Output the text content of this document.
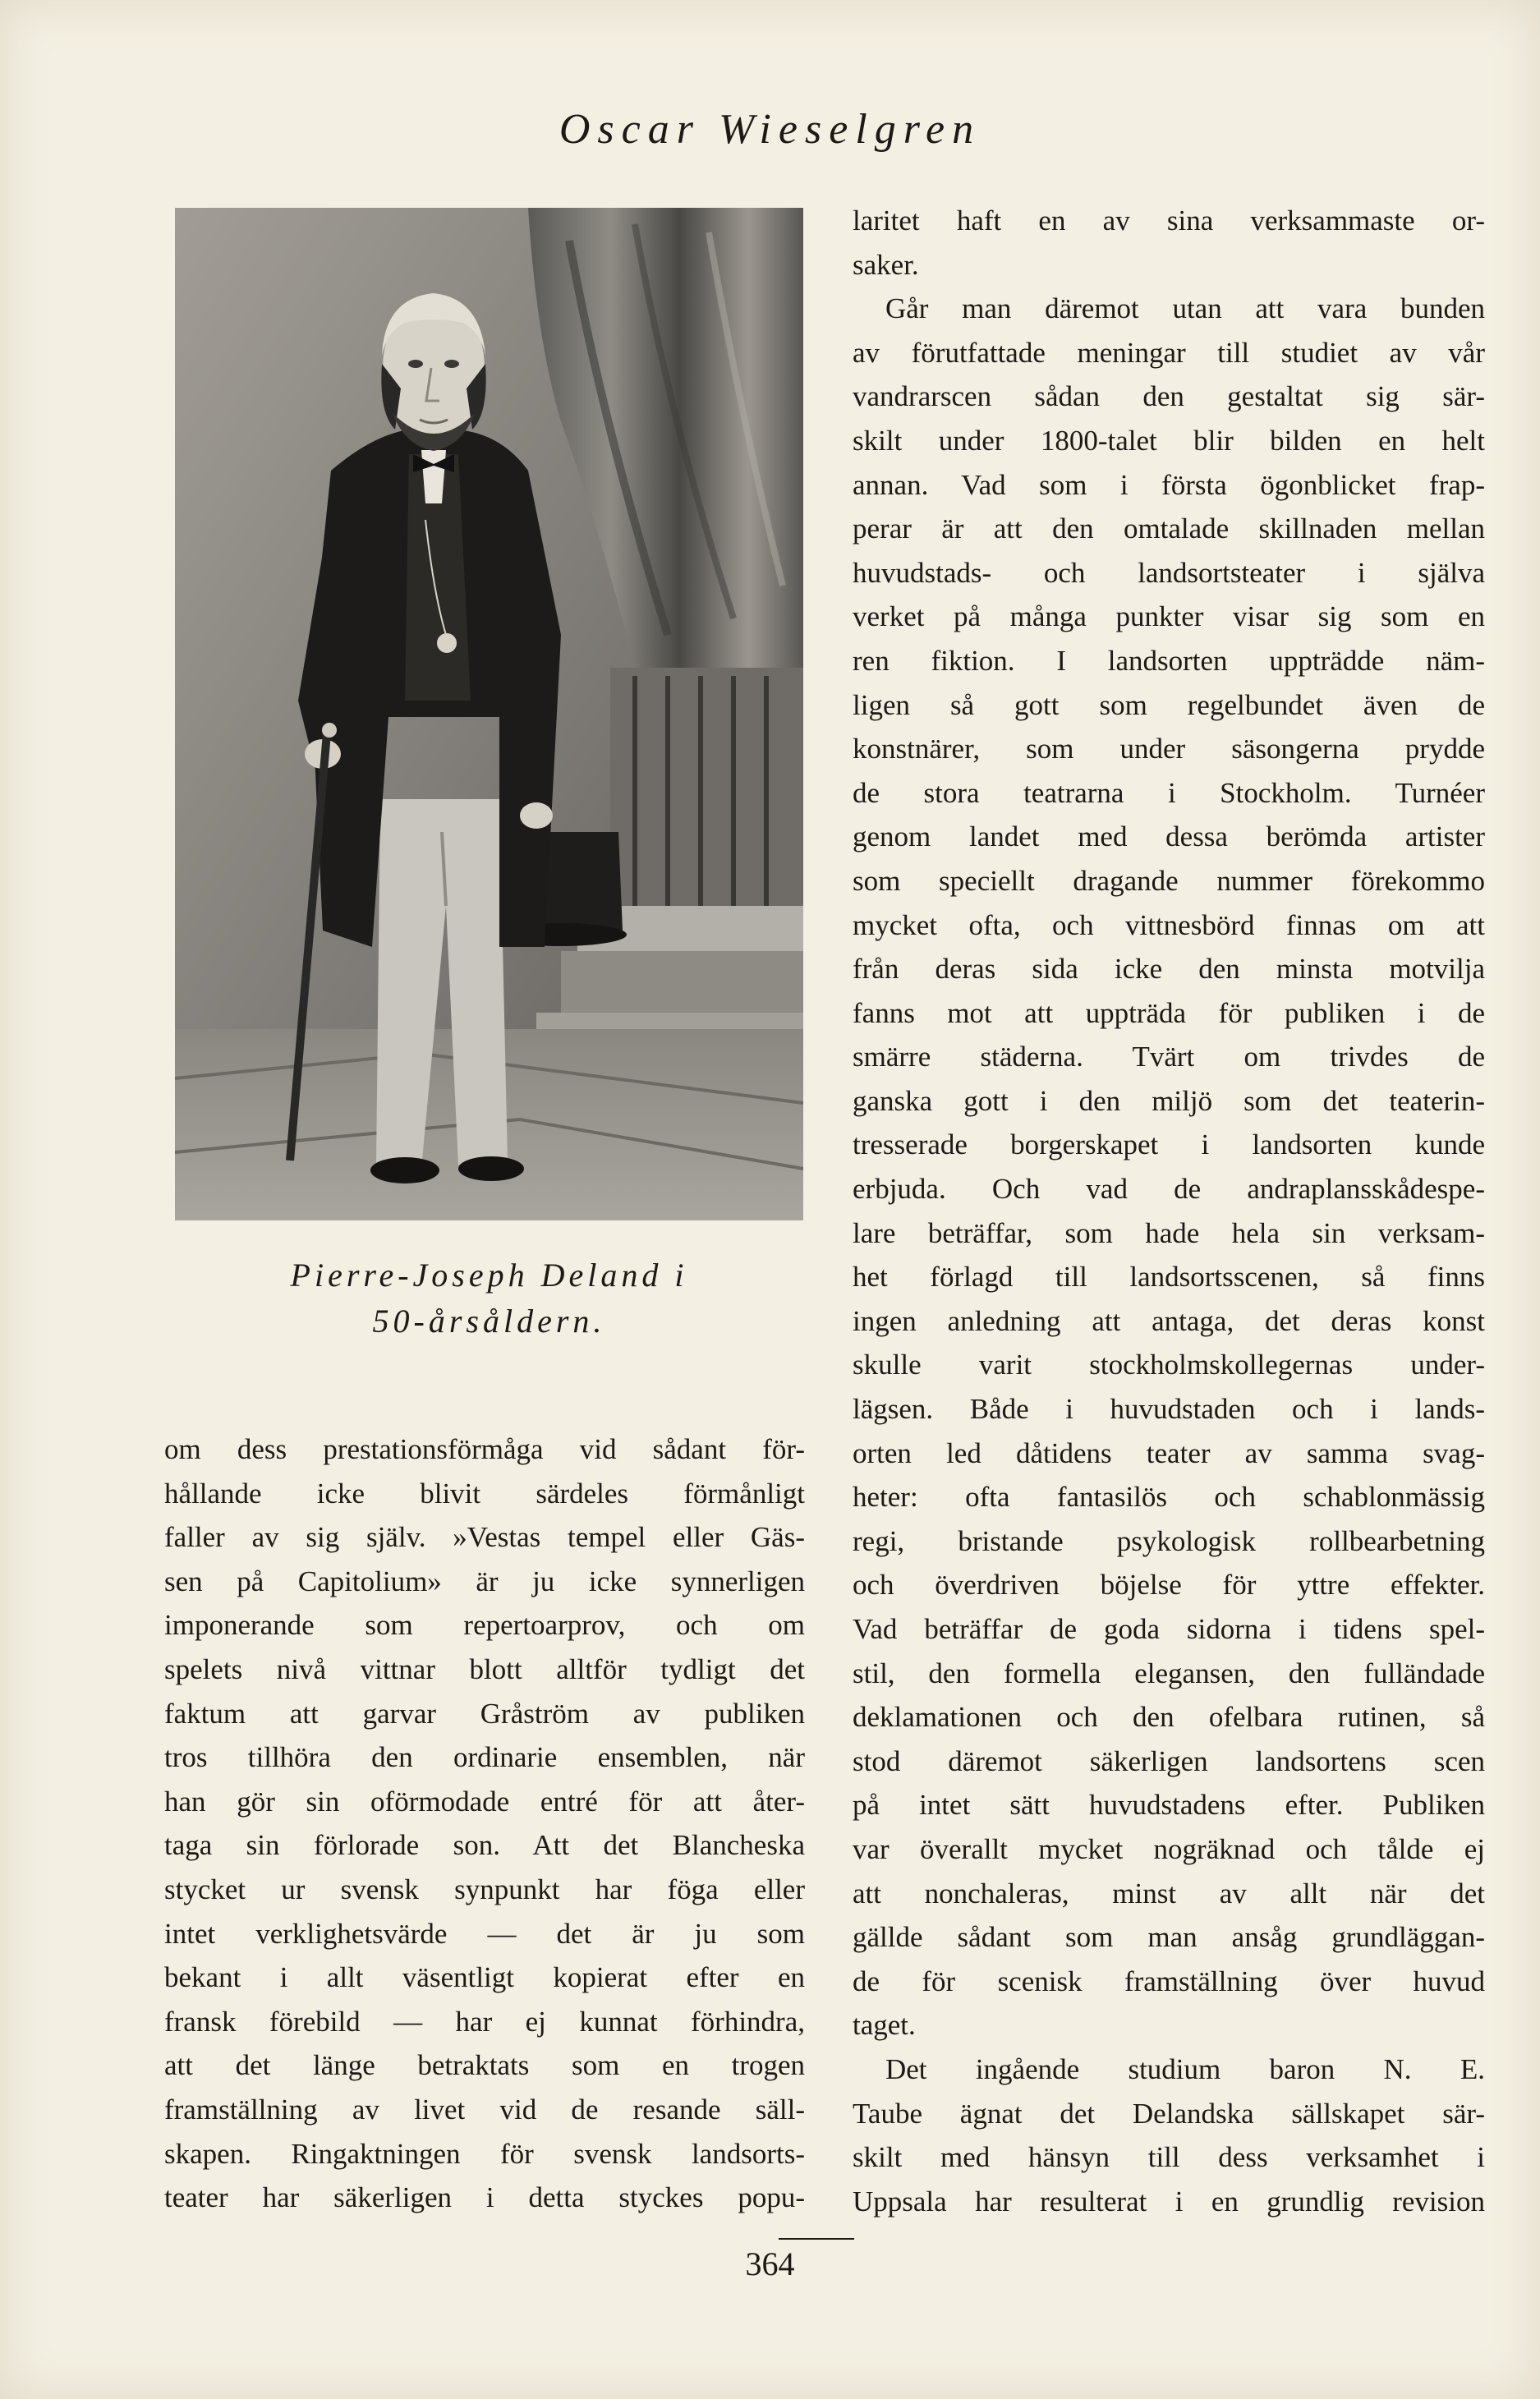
Oscar Wieselgren
Pierre-Joseph Deland i
50-årsåldern.
om dess prestationsförmåga vid sådant för-
hållande icke blivit särdeles förmånligt
faller av sig själv. »Vestas tempel eller Gäs-
sen på Capitolium» är ju icke synnerligen
imponerande som repertoarprov, och om
spelets nivå vittnar blott alltför tydligt det
faktum att garvar Gråström av publiken
tros tillhöra den ordinarie ensemblen, när
han gör sin oförmodade entré för att åter-
taga sin förlorade son. Att det Blancheska
stycket ur svensk synpunkt har föga eller
intet verklighetsvärde — det är ju som
bekant i allt väsentligt kopierat efter en
fransk förebild — har ej kunnat förhindra,
att det länge betraktats som en trogen
framställning av livet vid de resande säll-
skapen. Ringaktningen för svensk landsorts-
teater har säkerligen i detta styckes popu-
laritet haft en av sina verksammaste or-
saker.
Går man däremot utan att vara bunden
av förutfattade meningar till studiet av vår
vandrarscen sådan den gestaltat sig sär-
skilt under 1800-talet blir bilden en helt
annan. Vad som i första ögonblicket frap-
perar är att den omtalade skillnaden mellan
huvudstads- och landsortsteater i själva
verket på många punkter visar sig som en
ren fiktion. I landsorten uppträdde näm-
ligen så gott som regelbundet även de
konstnärer, som under säsongerna prydde
de stora teatrarna i Stockholm. Turnéer
genom landet med dessa berömda artister
som speciellt dragande nummer förekommo
mycket ofta, och vittnesbörd finnas om att
från deras sida icke den minsta motvilja
fanns mot att uppträda för publiken i de
smärre städerna. Tvärt om trivdes de
ganska gott i den miljö som det teaterin-
tresserade borgerskapet i landsorten kunde
erbjuda. Och vad de andraplansskådespe-
lare beträffar, som hade hela sin verksam-
het förlagd till landsortsscenen, så finns
ingen anledning att antaga, det deras konst
skulle varit stockholmskollegernas under-
lägsen. Både i huvudstaden och i lands-
orten led dåtidens teater av samma svag-
heter: ofta fantasilös och schablonmässig
regi, bristande psykologisk rollbearbetning
och överdriven böjelse för yttre effekter.
Vad beträffar de goda sidorna i tidens spel-
stil, den formella elegansen, den fulländade
deklamationen och den ofelbara rutinen, så
stod däremot säkerligen landsortens scen
på intet sätt huvudstadens efter. Publiken
var överallt mycket nogräknad och tålde ej
att nonchaleras, minst av allt när det
gällde sådant som man ansåg grundläggan-
de för scenisk framställning över huvud
taget.
Det ingående studium baron N. E.
Taube ägnat det Delandska sällskapet sär-
skilt med hänsyn till dess verksamhet i
Uppsala har resulterat i en grundlig revision
364
